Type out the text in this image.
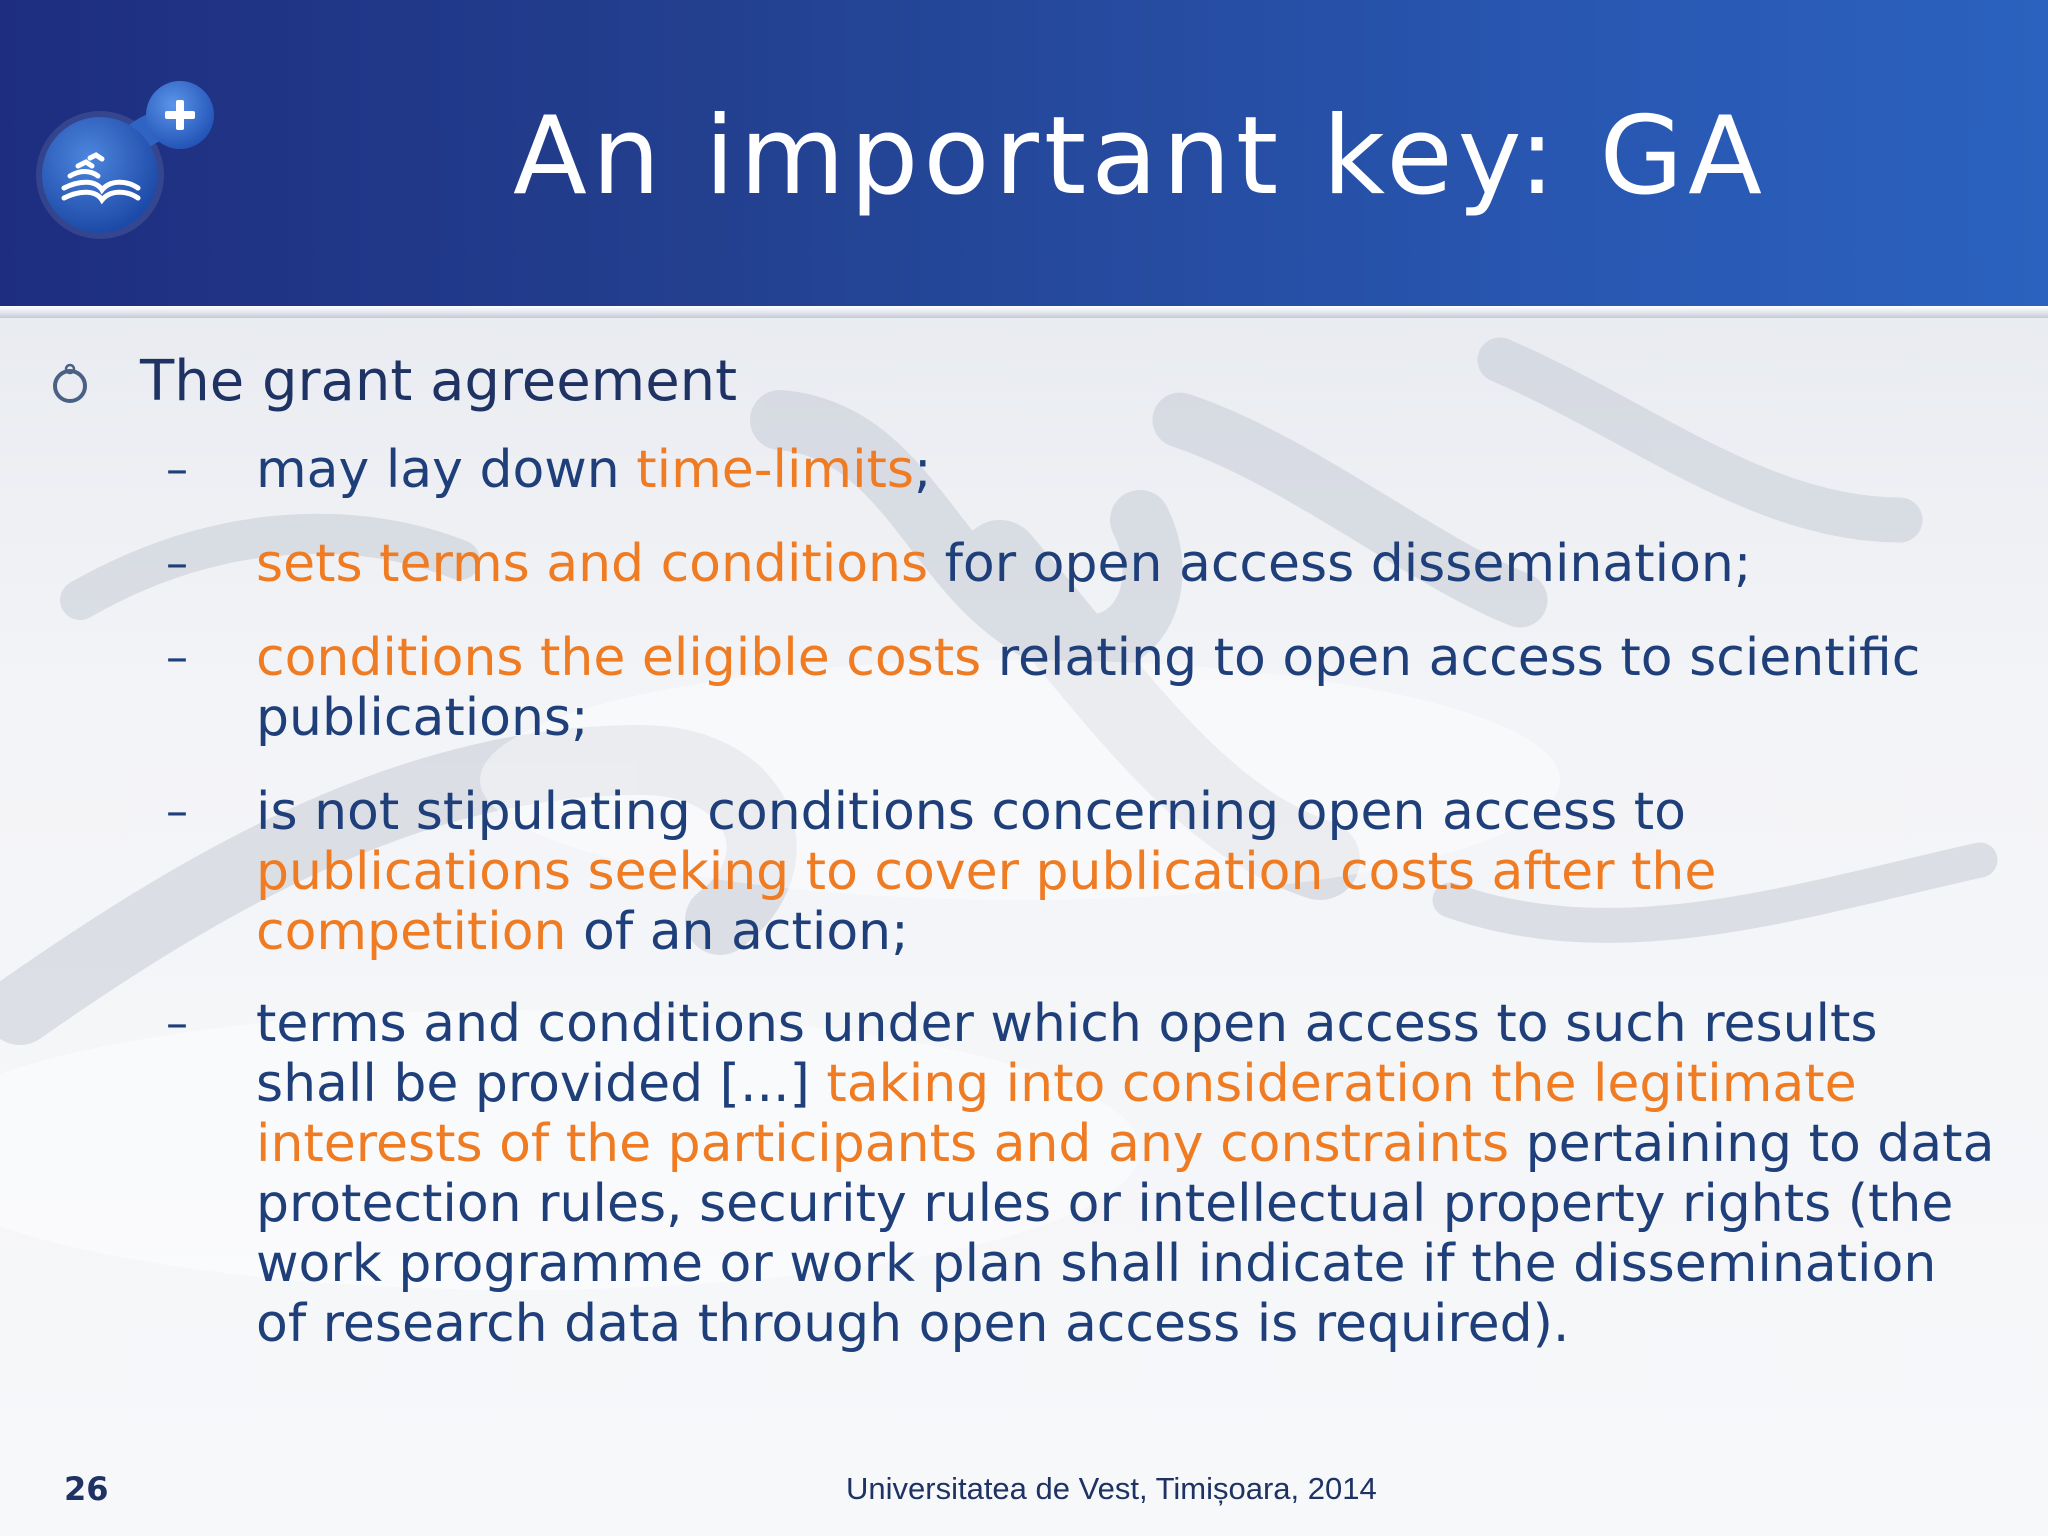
An important key: GA
The grant agreement
– may lay down time-limits;
– sets terms and conditions for open access dissemination;
– conditions the eligible costs relating to open access to scientific publications;
– is not stipulating conditions concerning open access to publications seeking to cover publication costs after the competition of an action;
– terms and conditions under which open access to such results shall be provided [...] taking into consideration the legitimate interests of the participants and any constraints pertaining to data protection rules, security rules or intellectual property rights (the work programme or work plan shall indicate if the dissemination of research data through open access is required).
26	Universitatea de Vest, Timișoara, 2014
